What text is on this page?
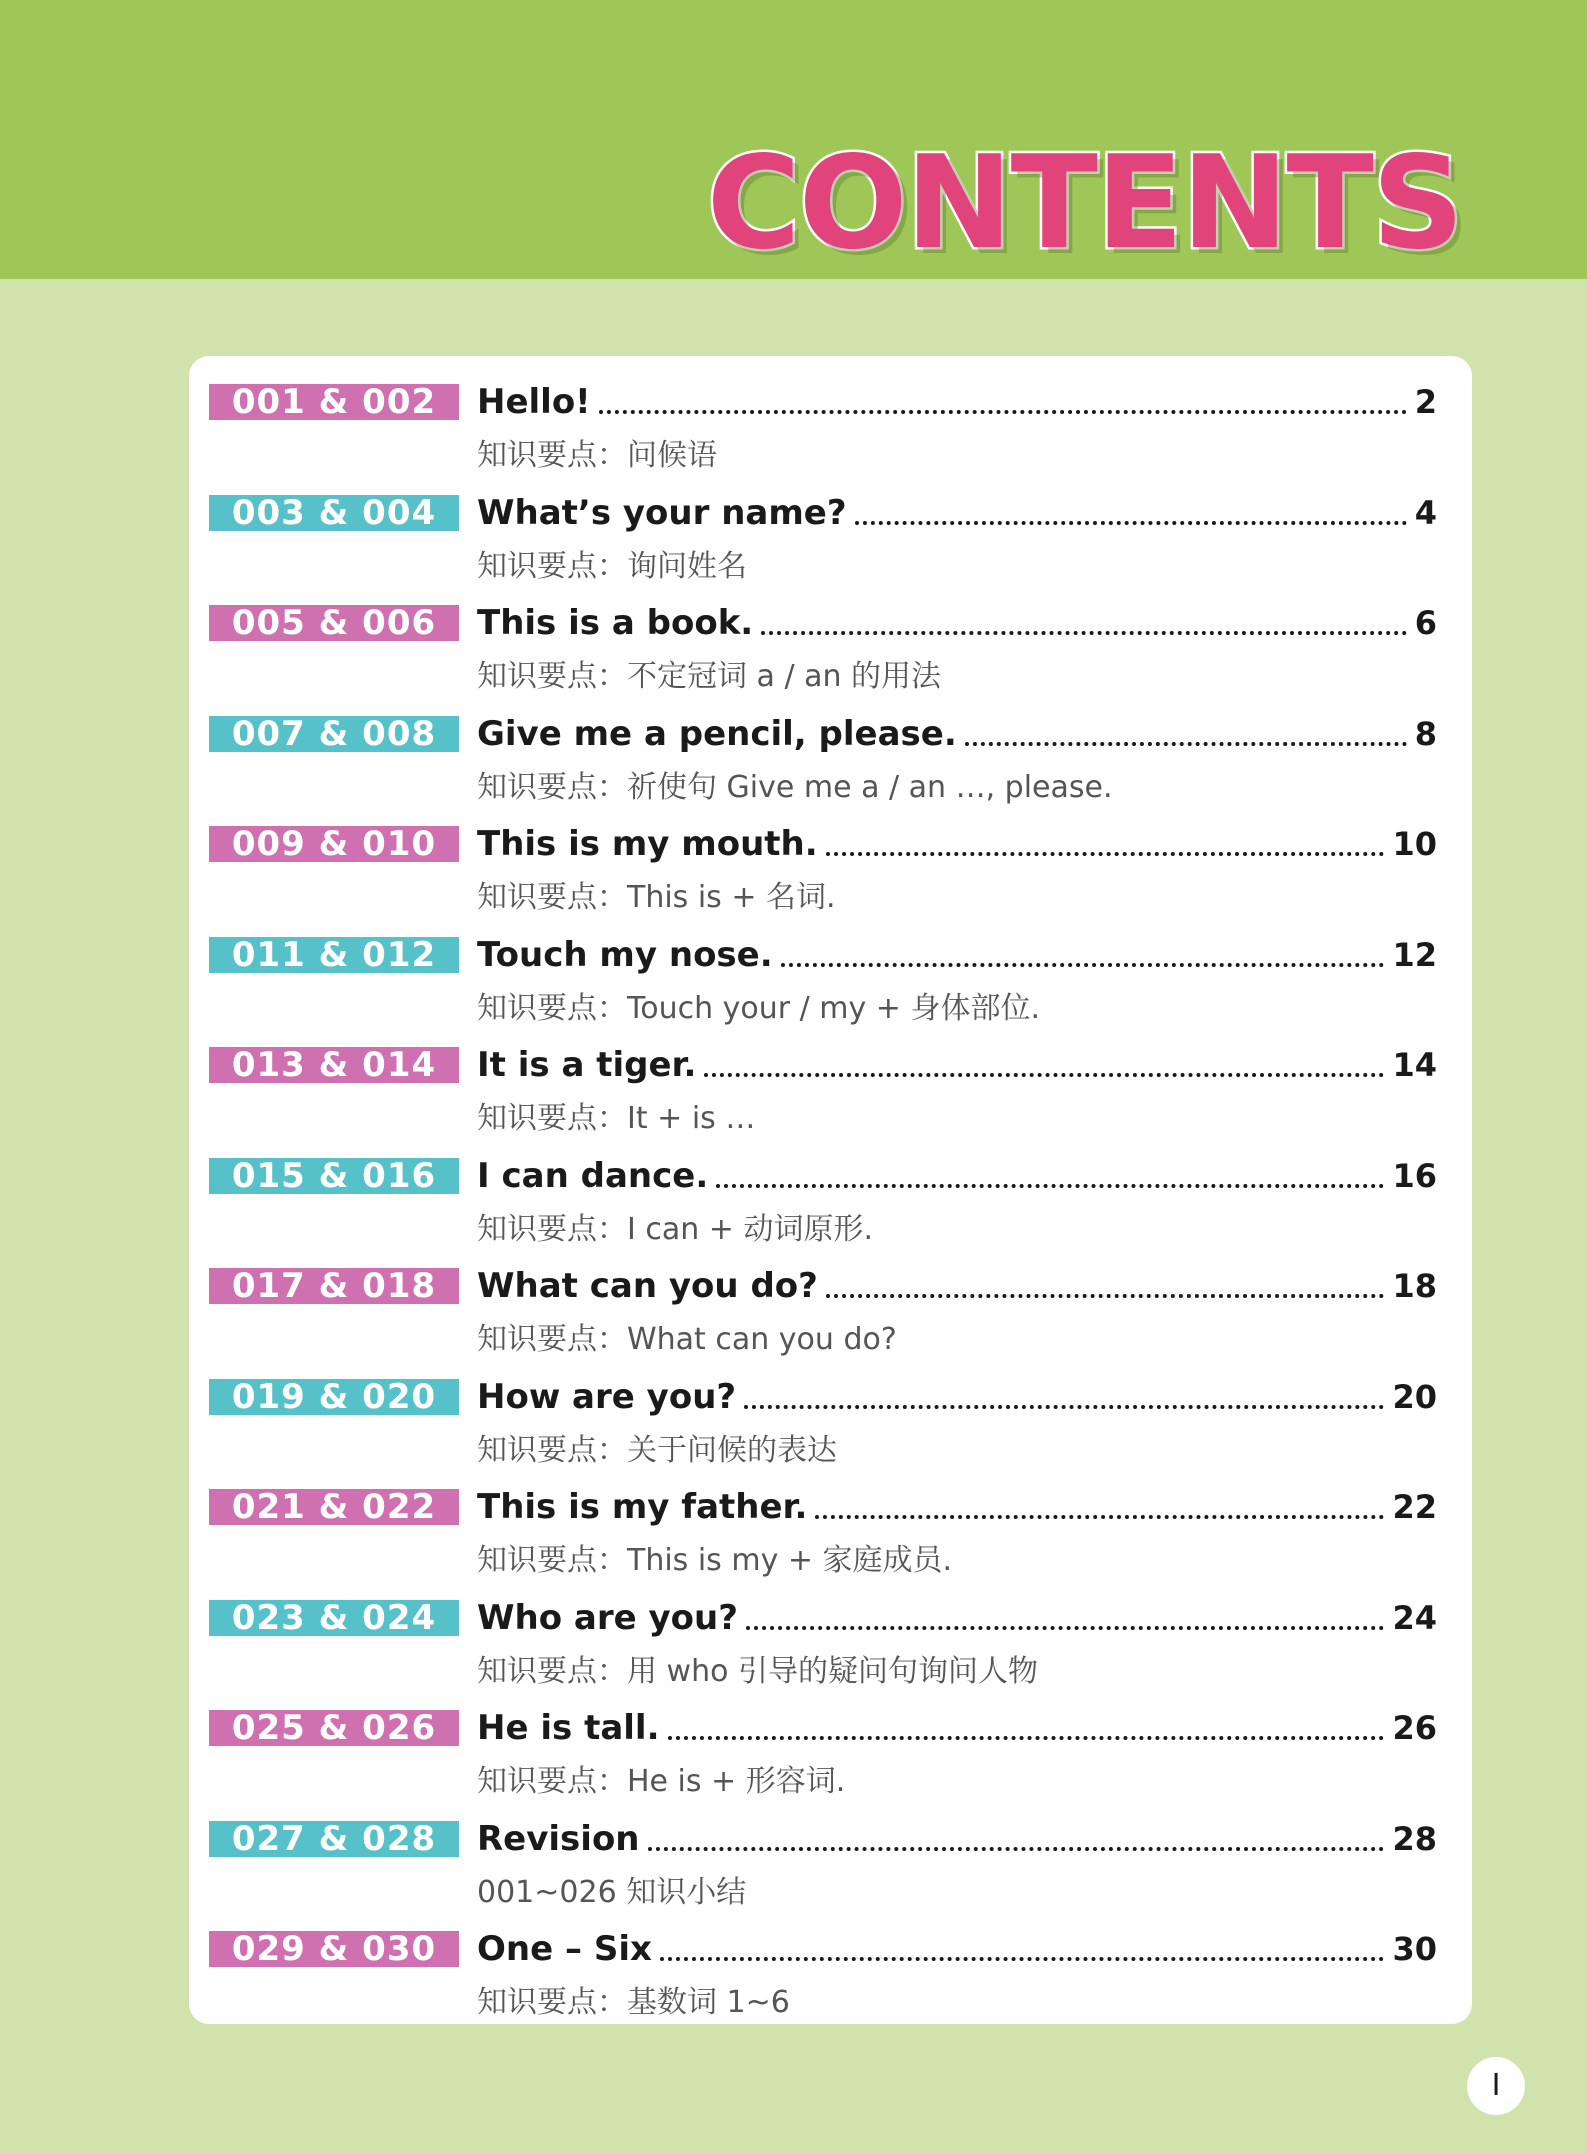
CONTENTS
001 & 002	Hello!	2
知识要点：问候语
003 & 004	What’s your name?	4
知识要点：询问姓名
005 & 006	This is a book.	6
知识要点：不定冠词 a / an 的用法
007 & 008	Give me a pencil, please.	8
知识要点：祈使句 Give me a / an …, please.
009 & 010	This is my mouth.	10
知识要点：This is + 名词.
011 & 012	Touch my nose.	12
知识要点：Touch your / my + 身体部位.
013 & 014	It is a tiger.	14
知识要点：It + is …
015 & 016	I can dance.	16
知识要点：I can + 动词原形.
017 & 018	What can you do?	18
知识要点：What can you do?
019 & 020	How are you?	20
知识要点：关于问候的表达
021 & 022	This is my father.	22
知识要点：This is my + 家庭成员.
023 & 024	Who are you?	24
知识要点：用 who 引导的疑问句询问人物
025 & 026	He is tall.	26
知识要点：He is + 形容词.
027 & 028	Revision	28
001~026 知识小结
029 & 030	One – Six	30
知识要点：基数词 1~6
I
